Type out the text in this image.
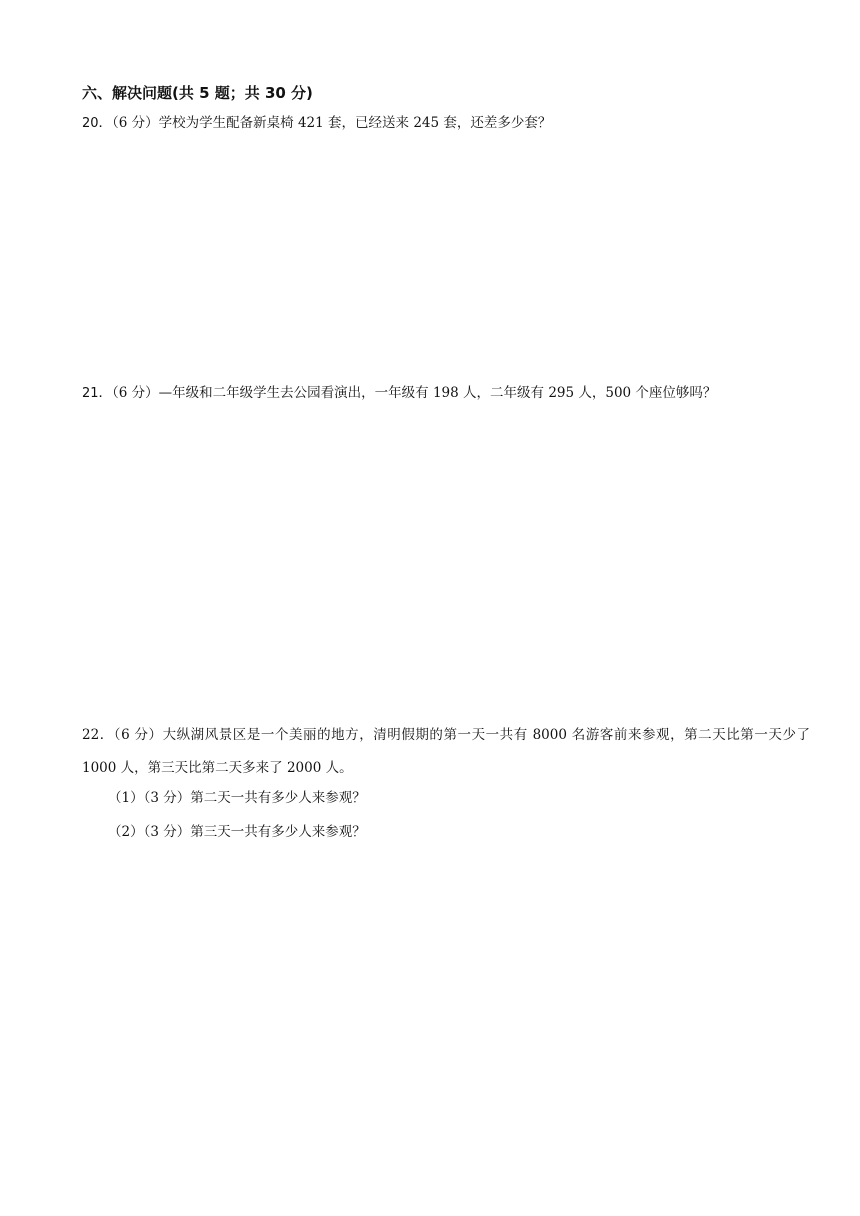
六、解决问题(共 5 题；共 30 分)
20．（6 分）学校为学生配备新桌椅 421 套，已经送来 245 套，还差多少套？
21．（6 分）—年级和二年级学生去公园看演出，一年级有 198 人，二年级有 295 人，500 个座位够吗？
22．（6 分）大纵湖风景区是一个美丽的地方，清明假期的第一天一共有 8000 名游客前来参观，第二天比第一天少了 1000 人，第三天比第二天多来了 2000 人。
（1）（3 分）第二天一共有多少人来参观？
（2）（3 分）第三天一共有多少人来参观？
